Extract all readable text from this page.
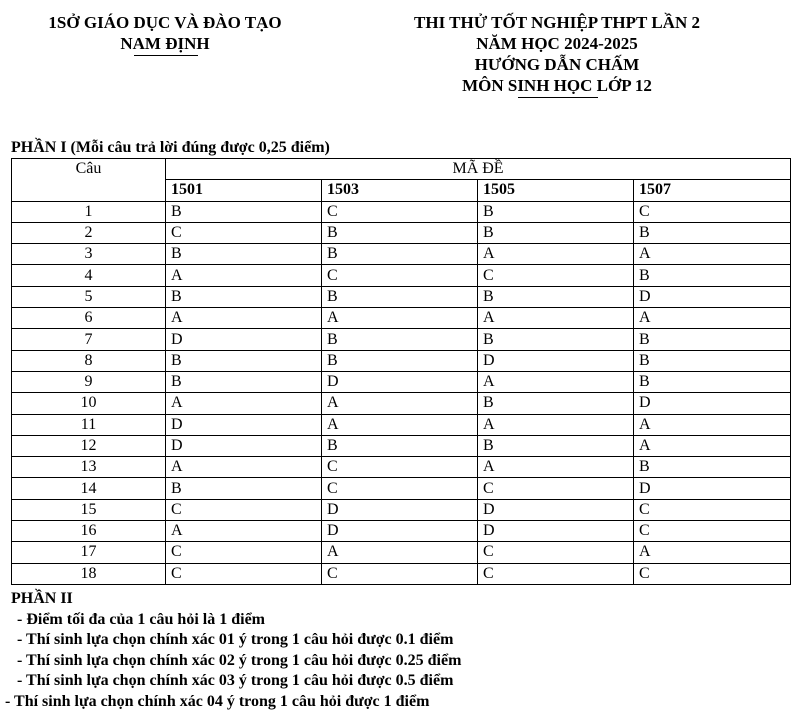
1SỞ GIÁO DỤC VÀ ĐÀO TẠO
NAM ĐỊNH
THI THỬ TỐT NGHIỆP THPT LẦN 2
NĂM HỌC 2024-2025
HƯỚNG DẪN CHẤM
MÔN SINH HỌC LỚP 12
PHẦN I (Mỗi câu trả lời đúng được 0,25 điểm)
Câu	MÃ ĐỀ			
	1501	1503	1505	1507
1	B	C	B	C
2	C	B	B	B
3	B	B	A	A
4	A	C	C	B
5	B	B	B	D
6	A	A	A	A
7	D	B	B	B
8	B	B	D	B
9	B	D	A	B
10	A	A	B	D
11	D	A	A	A
12	D	B	B	A
13	A	C	A	B
14	B	C	C	D
15	C	D	D	C
16	A	D	D	C
17	C	A	C	A
18	C	C	C	C
PHẦN II
- Điểm tối đa của 1 câu hỏi là 1 điểm
- Thí sinh lựa chọn chính xác 01 ý trong 1 câu hỏi được 0.1 điểm
- Thí sinh lựa chọn chính xác 02 ý trong 1 câu hỏi được 0.25 điểm
- Thí sinh lựa chọn chính xác 03 ý trong 1 câu hỏi được 0.5 điểm
- Thí sinh lựa chọn chính xác 04 ý trong 1 câu hỏi được 1 điểm
